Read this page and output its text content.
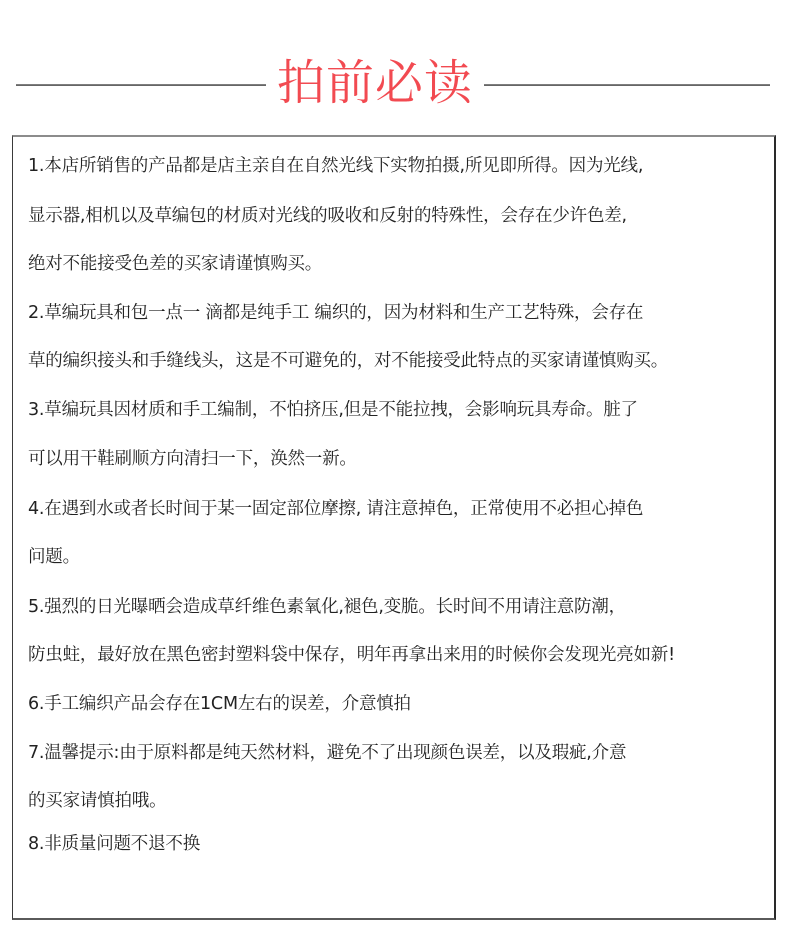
拍前必读
1.本店所销售的产品都是店主亲自在自然光线下实物拍摄,所见即所得。因为光线,
显示器,相机以及草编包的材质对光线的吸收和反射的特殊性，会存在少许色差,
绝对不能接受色差的买家请谨慎购买。
2.草编玩具和包一点一 滴都是纯手工 编织的，因为材料和生产工艺特殊，会存在
草的编织接头和手缝线头，这是不可避免的，对不能接受此特点的买家请谨慎购买。
3.草编玩具因材质和手工编制，不怕挤压,但是不能拉拽，会影响玩具寿命。脏了
可以用干鞋刷顺方向清扫一下，涣然一新。
4.在遇到水或者长时间于某一固定部位摩擦, 请注意掉色，正常使用不必担心掉色
问题。
5.强烈的日光曝晒会造成草纤维色素氧化,褪色,变脆。长时间不用请注意防潮，
防虫蛀，最好放在黑色密封塑料袋中保存，明年再拿出来用的时候你会发现光亮如新!
6.手工编织产品会存在1CM左右的误差，介意慎拍
7.温馨提示:由于原料都是纯天然材料，避免不了出现颜色误差，以及瑕疵,介意
的买家请慎拍哦。
8.非质量问题不退不换
